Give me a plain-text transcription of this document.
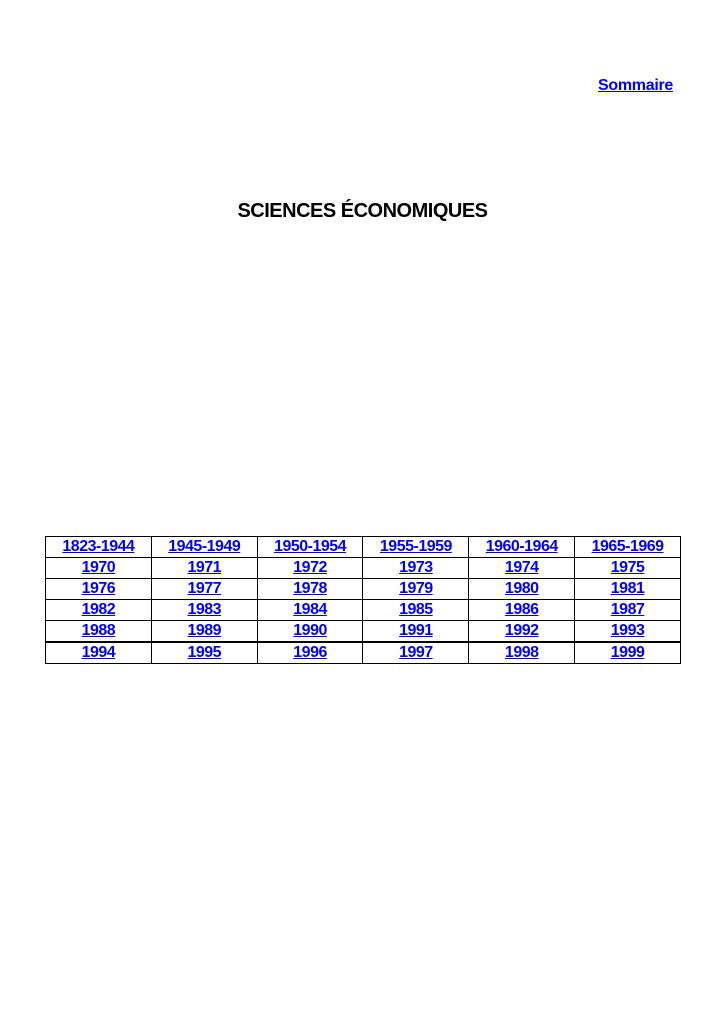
Sommaire
SCIENCES ÉCONOMIQUES
1823-1944	1945-1949	1950-1954	1955-1959	1960-1964	1965-1969
1970	1971	1972	1973	1974	1975
1976	1977	1978	1979	1980	1981
1982	1983	1984	1985	1986	1987
1988	1989	1990	1991	1992	1993
1994	1995	1996	1997	1998	1999
